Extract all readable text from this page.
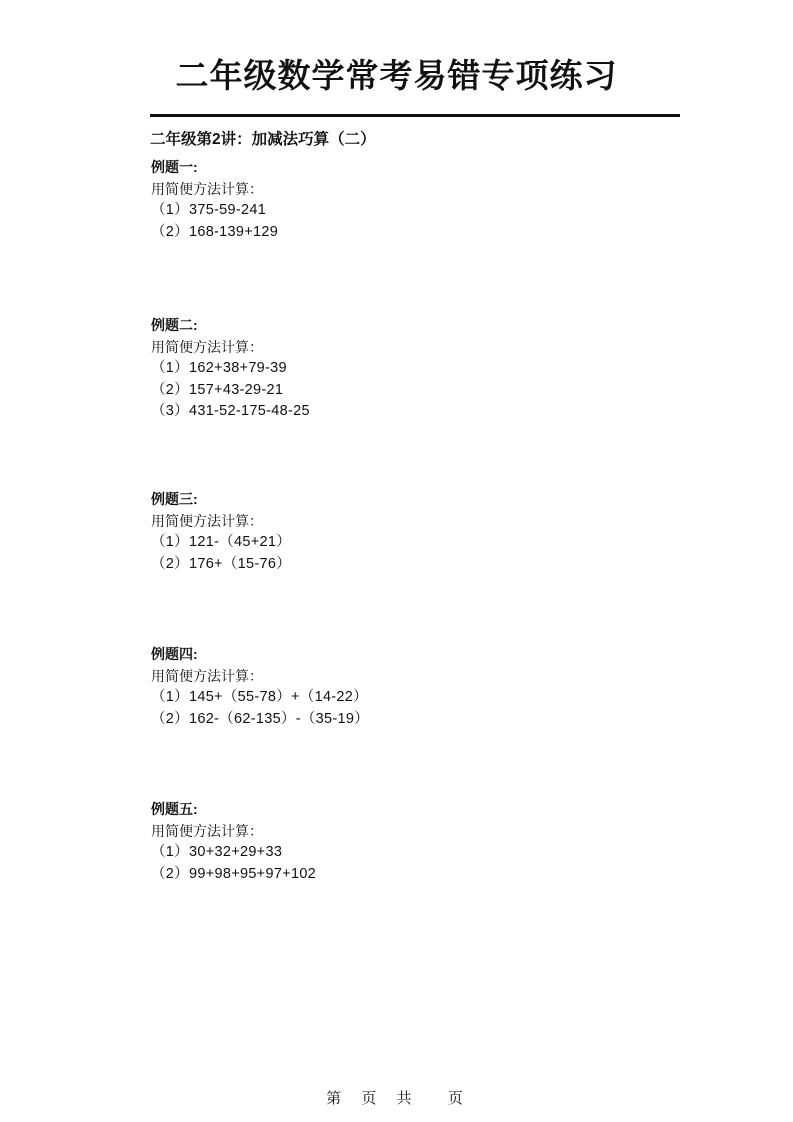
二年级数学常考易错专项练习
二年级第2讲：加减法巧算（二）
例题一:
用简便方法计算：
（1）375-59-241
（2）168-139+129
例题二:
用简便方法计算：
（1）162+38+79-39
（2）157+43-29-21
（3）431-52-175-48-25
例题三:
用简便方法计算：
（1）121-（45+21）
（2）176+（15-76）
例题四:
用简便方法计算：
（1）145+（55-78）+（14-22）
（2）162-（62-135）-（35-19）
例题五:
用简便方法计算：
（1）30+32+29+33
（2）99+98+95+97+102
第 页 共  页
